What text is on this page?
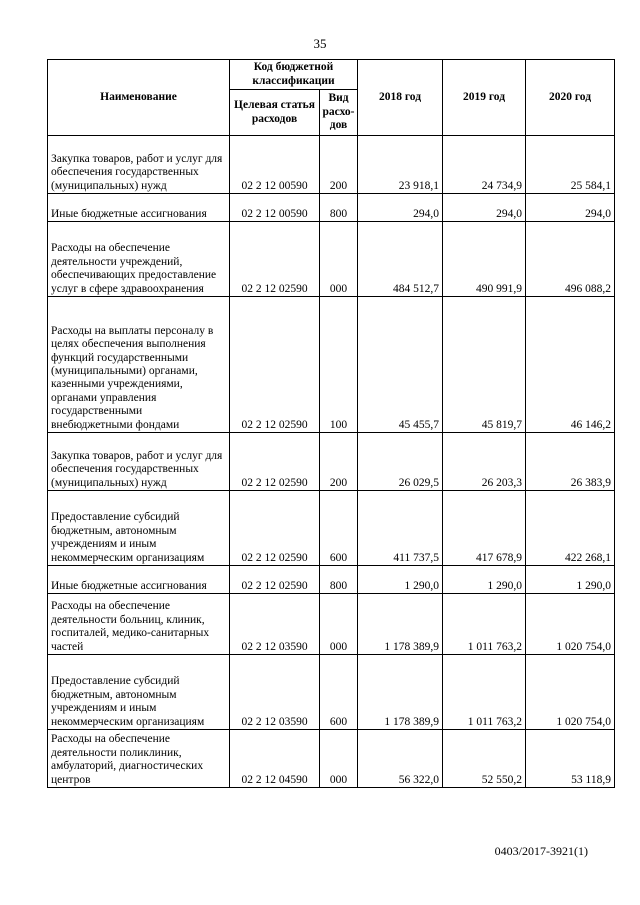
35
Наименование	Код бюджетной классификации		2018 год	2019 год	2020 год
	Целевая статья расходов	Вид расхо-дов			
Закупка товаров, работ и услуг для обеспечения государственных (муниципальных) нужд	02 2 12 00590	200	23 918,1	24 734,9	25 584,1
Иные бюджетные ассигнования	02 2 12 00590	800	294,0	294,0	294,0
Расходы на обеспечение деятельности учреждений, обеспечивающих предоставление услуг в сфере здравоохранения	02 2 12 02590	000	484 512,7	490 991,9	496 088,2
Расходы на выплаты персоналу в целях обеспечения выполнения функций государственными (муниципальными) органами, казенными учреждениями, органами управления государственными внебюджетными фондами	02 2 12 02590	100	45 455,7	45 819,7	46 146,2
Закупка товаров, работ и услуг для обеспечения государственных (муниципальных) нужд	02 2 12 02590	200	26 029,5	26 203,3	26 383,9
Предоставление субсидий бюджетным, автономным учреждениям и иным некоммерческим организациям	02 2 12 02590	600	411 737,5	417 678,9	422 268,1
Иные бюджетные ассигнования	02 2 12 02590	800	1 290,0	1 290,0	1 290,0
Расходы на обеспечение деятельности больниц, клиник, госпиталей, медико-санитарных частей	02 2 12 03590	000	1 178 389,9	1 011 763,2	1 020 754,0
Предоставление субсидий бюджетным, автономным учреждениям и иным некоммерческим организациям	02 2 12 03590	600	1 178 389,9	1 011 763,2	1 020 754,0
Расходы на обеспечение деятельности поликлиник, амбулаторий, диагностических центров	02 2 12 04590	000	56 322,0	52 550,2	53 118,9
0403/2017-3921(1)
